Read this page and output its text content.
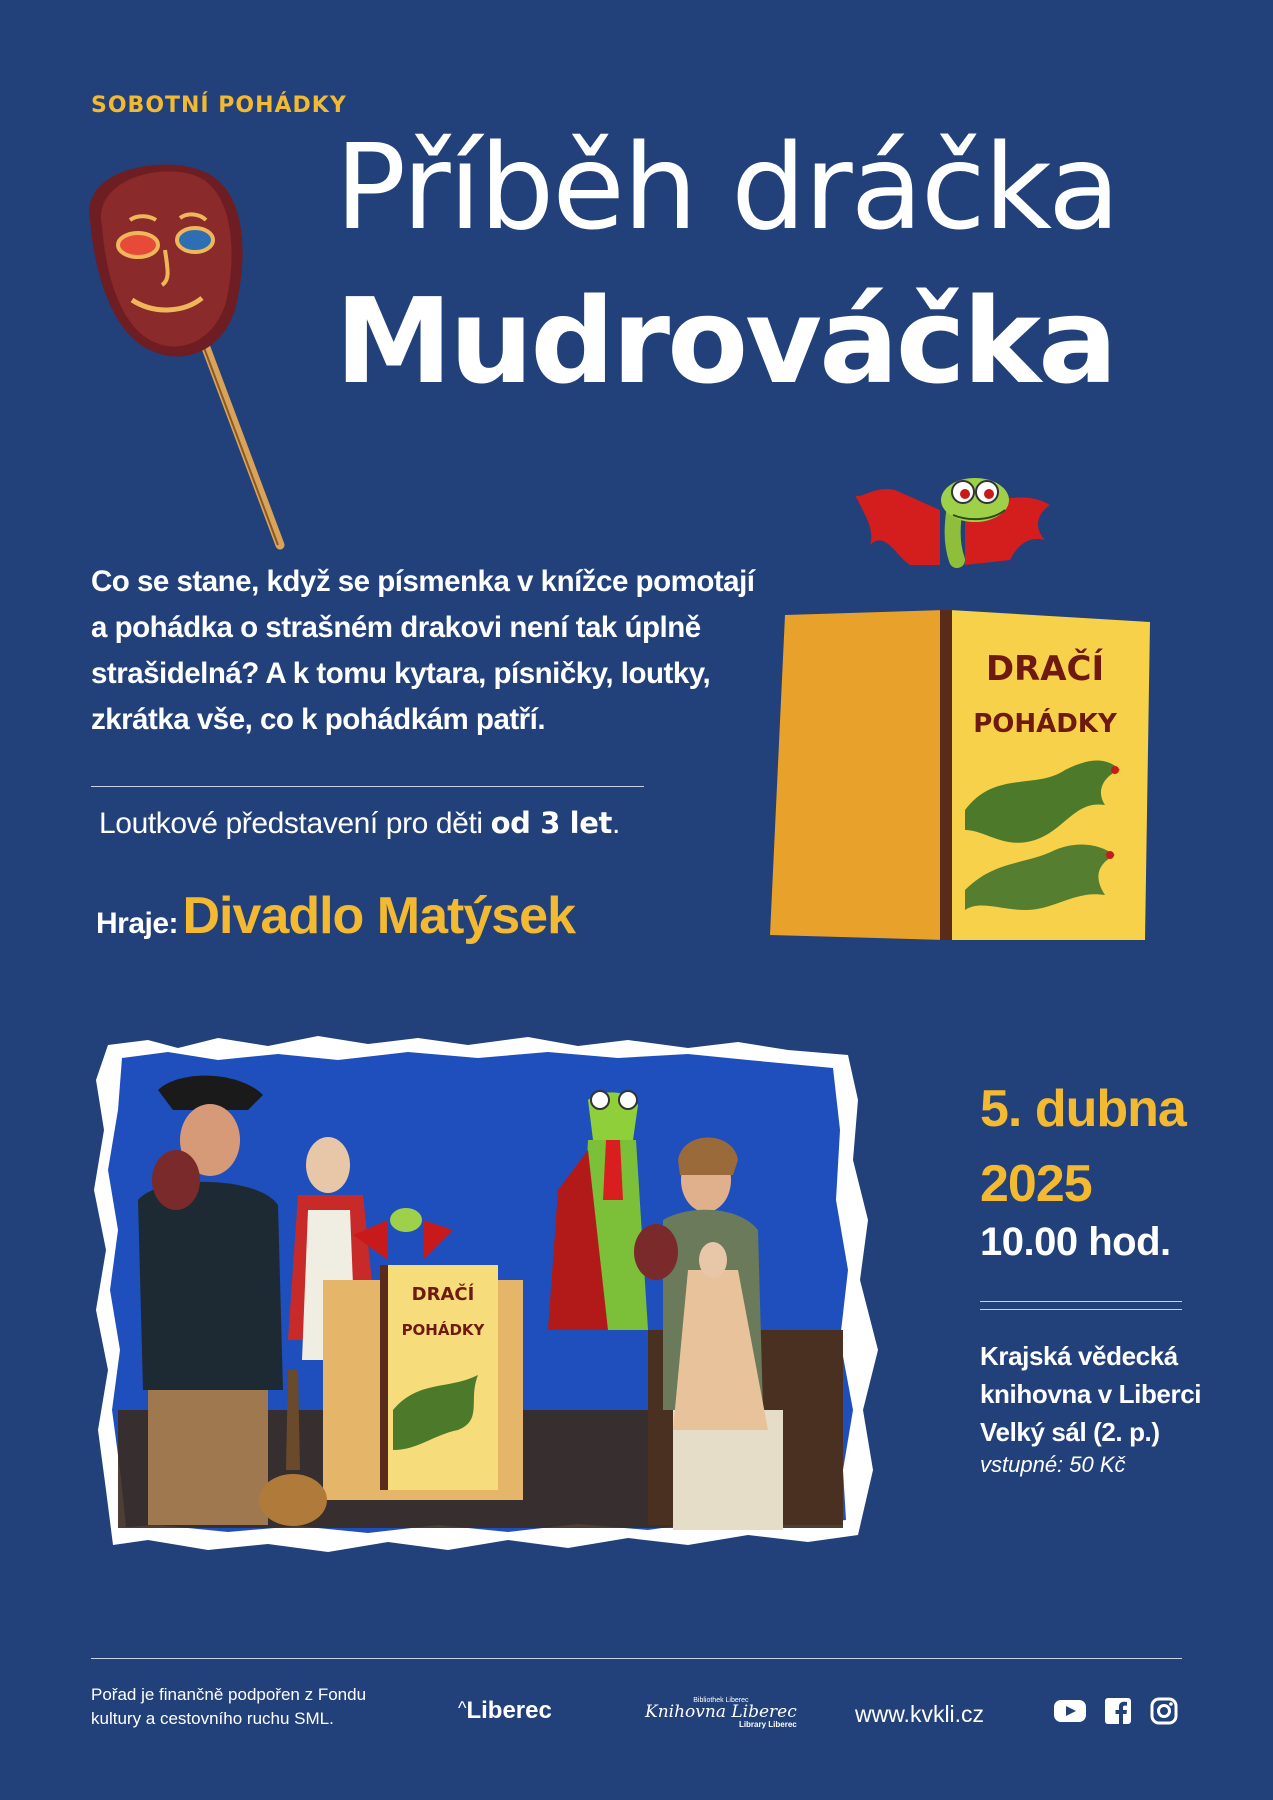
SOBOTNÍ POHÁDKY
Příběh dráčka
Mudrováčka
Co se stane, když se písmenka v knížce pomotají
a pohádka o strašném drakovi není tak úplně
strašidelná? A k tomu kytara, písničky, loutky,
zkrátka vše, co k pohádkám patří.
Loutkové představení pro děti od 3 let.
Hraje: Divadlo Matýsek
DRAČÍ
POHÁDKY
DRAČÍ
POHÁDKY
5. dubna
2025
10.00 hod.
Krajská vědecká
knihovna v Liberci
Velký sál (2. p.)
vstupné: 50 Kč
Pořad je finančně podpořen z Fondu
kultury a cestovního ruchu SML.
^Liberec	Bibliothek Liberec
Knihovna Liberec
Library Liberec	www.kvkli.cz
